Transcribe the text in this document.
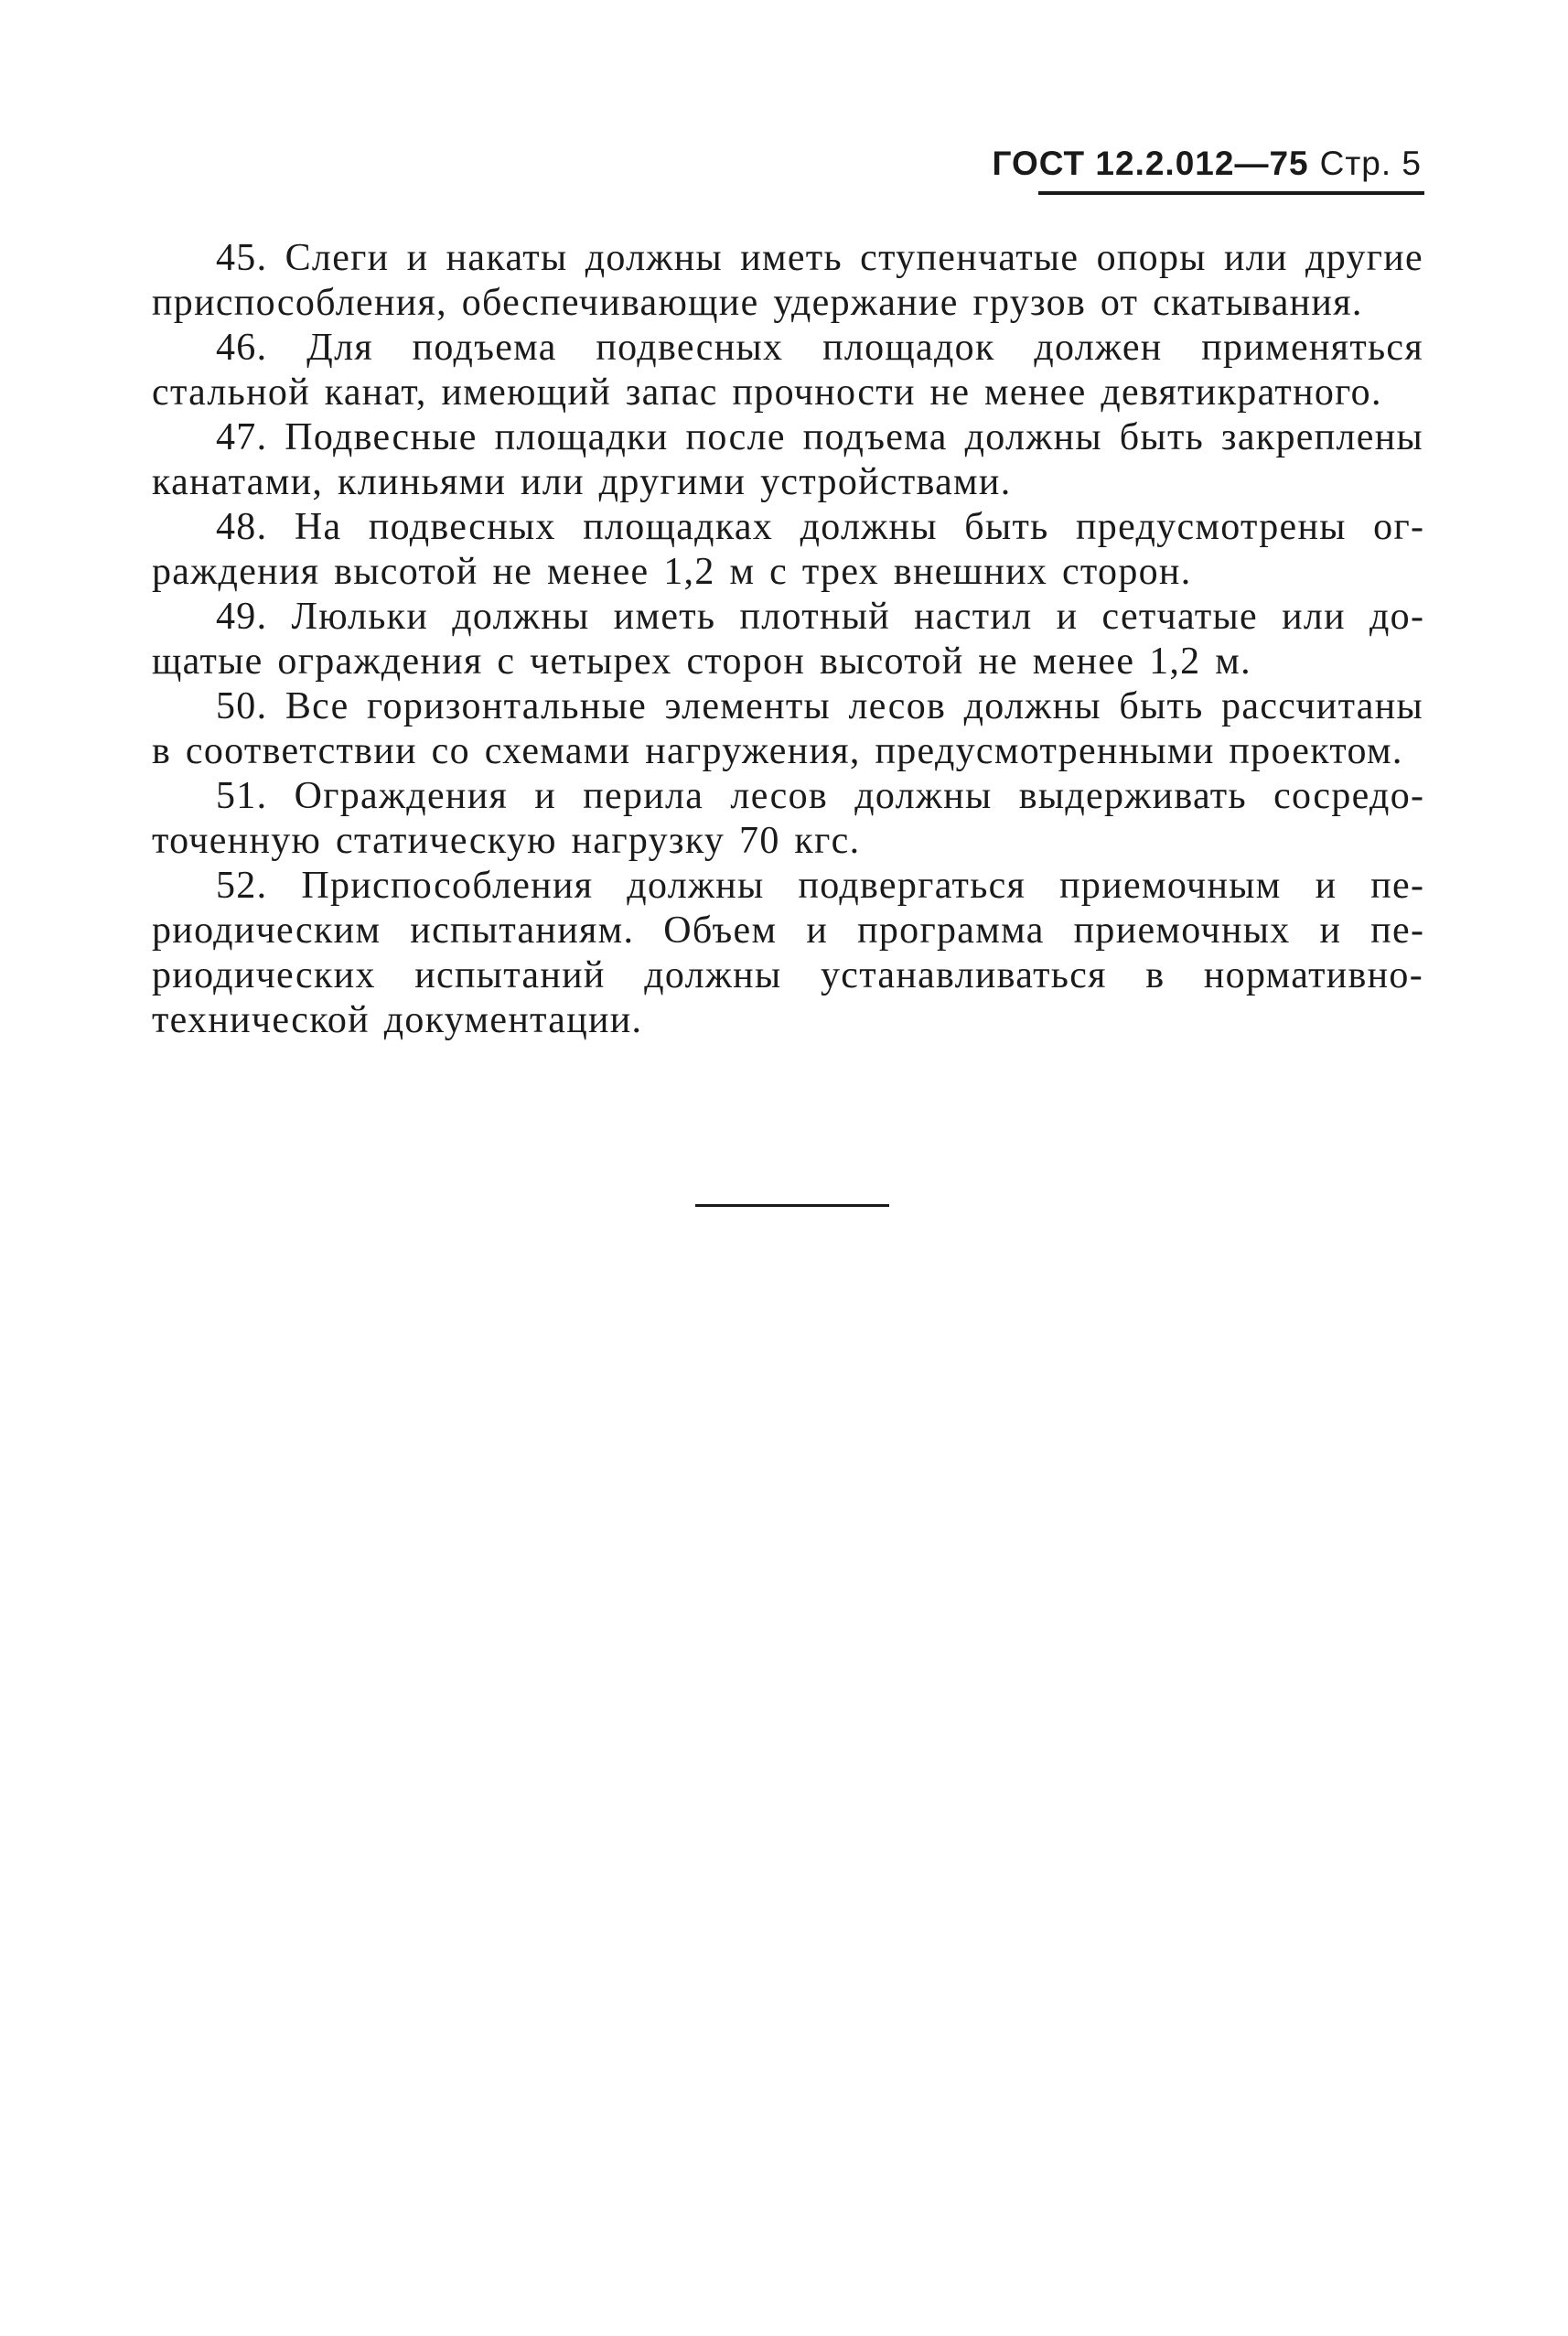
ГОСТ 12.2.012—75 Стр. 5

45. Слеги и накаты должны иметь ступенчатые опоры или другие приспособления, обеспечивающие удержание грузов от скатывания.

46. Для подъема подвесных площадок должен применяться стальной канат, имеющий запас прочности не менее девятикратного.

47. Подвесные площадки после подъема должны быть закреплены канатами, клиньями или другими устройствами.

48. На подвесных площадках должны быть предусмотрены ограждения высотой не менее 1,2 м с трех внешних сторон.

49. Люльки должны иметь плотный настил и сетчатые или дощатые ограждения с четырех сторон высотой не менее 1,2 м.

50. Все горизонтальные элементы лесов должны быть рассчитаны в соответствии со схемами нагружения, предусмотренными проектом.

51. Ограждения и перила лесов должны выдерживать сосредоточенную статическую нагрузку 70 кгс.

52. Приспособления должны подвергаться приемочным и периодическим испытаниям. Объем и программа приемочных и периодических испытаний должны устанавливаться в нормативно-технической документации.
